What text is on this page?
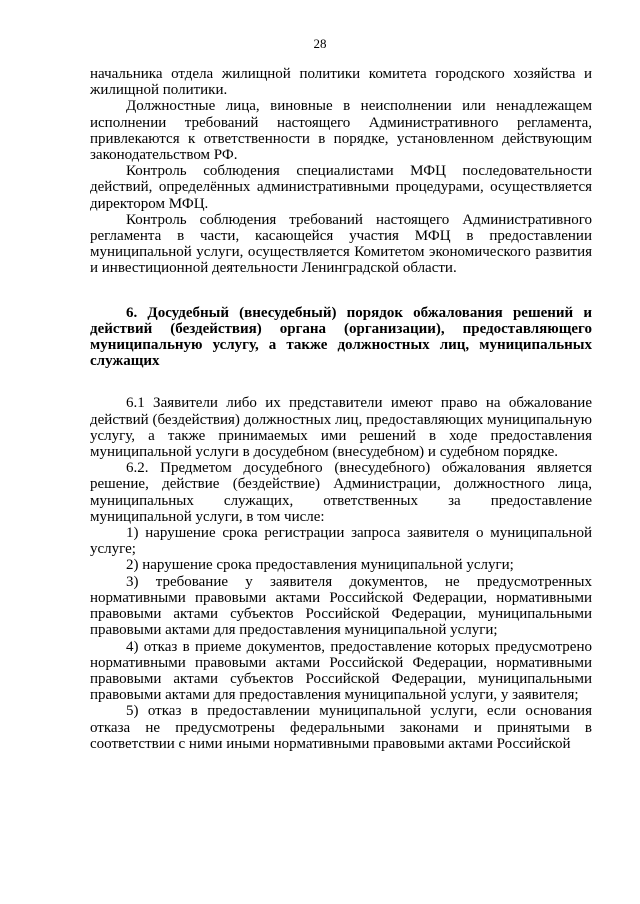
28

начальника отдела жилищной политики комитета городского хозяйства и жилищной политики.

Должностные лица, виновные в неисполнении или ненадлежащем исполнении требований настоящего Административного регламента, привлекаются к ответственности в порядке, установленном действующим законодательством РФ.

Контроль соблюдения специалистами МФЦ последовательности действий, определённых административными процедурами, осуществляется директором МФЦ.

Контроль соблюдения требований настоящего Административного регламента в части, касающейся участия МФЦ в предоставлении муниципальной услуги, осуществляется Комитетом экономического развития и инвестиционной деятельности Ленинградской области.

6. Досудебный (внесудебный) порядок обжалования решений и действий (бездействия) органа (организации), предоставляющего муниципальную услугу, а также должностных лиц, муниципальных служащих

6.1 Заявители либо их представители имеют право на обжалование действий (бездействия) должностных лиц, предоставляющих муниципальную услугу, а также принимаемых ими решений в ходе предоставления муниципальной услуги в досудебном (внесудебном) и судебном порядке.

6.2. Предметом досудебного (внесудебного) обжалования является решение, действие (бездействие) Администрации, должностного лица, муниципальных служащих, ответственных за предоставление муниципальной услуги, в том числе:

1) нарушение срока регистрации запроса заявителя о муниципальной услуге;

2) нарушение срока предоставления муниципальной услуги;

3) требование у заявителя документов, не предусмотренных нормативными правовыми актами Российской Федерации, нормативными правовыми актами субъектов Российской Федерации, муниципальными правовыми актами для предоставления муниципальной услуги;

4) отказ в приеме документов, предоставление которых предусмотрено нормативными правовыми актами Российской Федерации, нормативными правовыми актами субъектов Российской Федерации, муниципальными правовыми актами для предоставления муниципальной услуги, у заявителя;

5) отказ в предоставлении муниципальной услуги, если основания отказа не предусмотрены федеральными законами и принятыми в соответствии с ними иными нормативными правовыми актами Российской
